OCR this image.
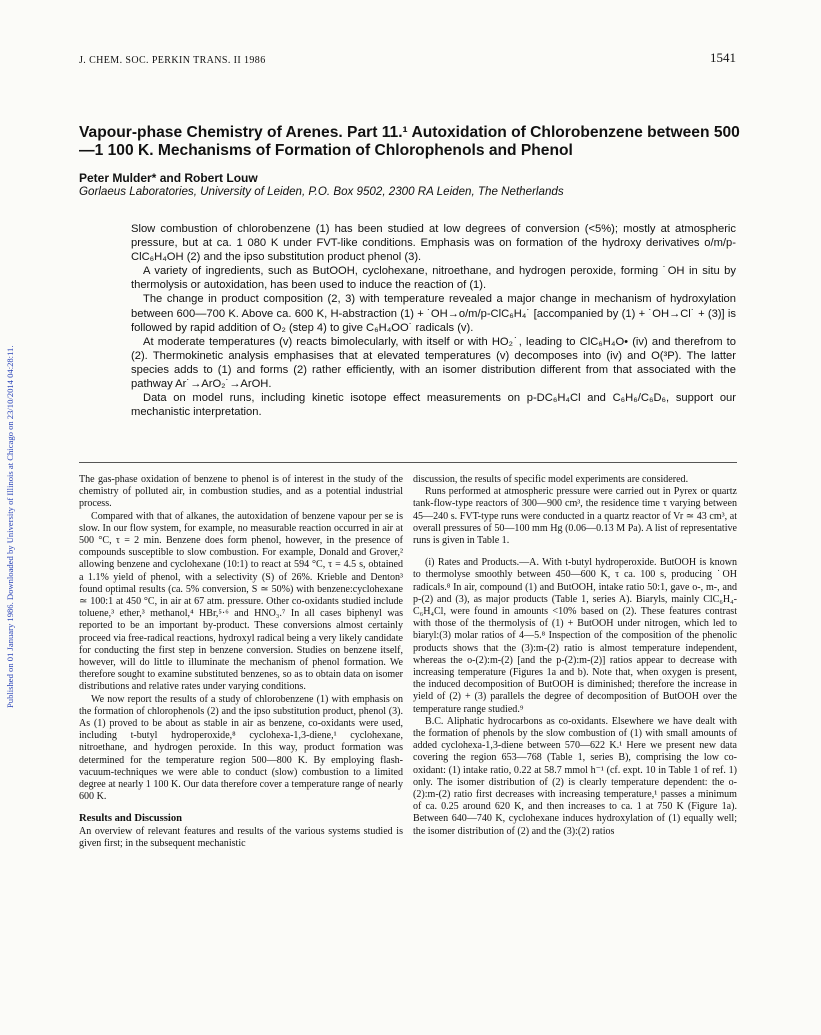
Published on 01 January 1986. Downloaded by University of Illinois at Chicago on 23/10/2014 04:28:11.
J. CHEM. SOC. PERKIN TRANS. II 1986	1541
Vapour-phase Chemistry of Arenes. Part 11.¹ Autoxidation of Chlorobenzene between 500—1 100 K. Mechanisms of Formation of Chlorophenols and Phenol
Peter Mulder* and Robert Louw
Gorlaeus Laboratories, University of Leiden, P.O. Box 9502, 2300 RA Leiden, The Netherlands

Slow combustion of chlorobenzene (1) has been studied at low degrees of conversion (<5%); mostly at atmospheric pressure, but at ca. 1 080 K under FVT-like conditions. Emphasis was on formation of the hydroxy derivatives o/m/p-ClC₆H₄OH (2) and the ipso substitution product phenol (3).

A variety of ingredients, such as ButOOH, cyclohexane, nitroethane, and hydrogen peroxide, forming ˙OH in situ by thermolysis or autoxidation, has been used to induce the reaction of (1).

The change in product composition (2, 3) with temperature revealed a major change in mechanism of hydroxylation between 600—700 K. Above ca. 600 K, H-abstraction (1) + ˙OH→o/m/p-ClC₆H₄˙ [accompanied by (1) + ˙OH→Cl˙ + (3)] is followed by rapid addition of O₂ (step 4) to give C₆H₄OO˙ radicals (v).

At moderate temperatures (v) reacts bimolecularly, with itself or with HO₂˙, leading to ClC₆H₄O• (iv) and therefrom to (2). Thermokinetic analysis emphasises that at elevated temperatures (v) decomposes into (iv) and O(³P). The latter species adds to (1) and forms (2) rather efficiently, with an isomer distribution different from that associated with the pathway Ar˙→ArO₂˙→ArOH.

Data on model runs, including kinetic isotope effect measurements on p-DC₆H₄Cl and C₆H₆/C₆D₆, support our mechanistic interpretation.

The gas-phase oxidation of benzene to phenol is of interest in the study of the chemistry of polluted air, in combustion studies, and as a potential industrial process.

Compared with that of alkanes, the autoxidation of benzene vapour per se is slow. In our flow system, for example, no measurable reaction occurred in air at 500 °C, τ = 2 min. Benzene does form phenol, however, in the presence of compounds susceptible to slow combustion. For example, Donald and Grover,² allowing benzene and cyclohexane (10:1) to react at 594 °C, τ = 4.5 s, obtained a 1.1% yield of phenol, with a selectivity (S) of 26%. Krieble and Denton³ found optimal results (ca. 5% conversion, S ≃ 50%) with benzene:cyclohexane ≃ 100:1 at 450 °C, in air at 67 atm. pressure. Other co-oxidants studied include toluene,³ ether,³ methanol,⁴ HBr,⁵·⁶ and HNO₃.⁷ In all cases biphenyl was reported to be an important by-product. These conversions almost certainly proceed via free-radical reactions, hydroxyl radical being a very likely candidate for conducting the first step in benzene conversion. Studies on benzene itself, however, will do little to illuminate the mechanism of phenol formation. We therefore sought to examine substituted benzenes, so as to obtain data on isomer distributions and relative rates under varying conditions.

We now report the results of a study of chlorobenzene (1) with emphasis on the formation of chlorophenols (2) and the ipso substitution product, phenol (3). As (1) proved to be about as stable in air as benzene, co-oxidants were used, including t-butyl hydroperoxide,⁸ cyclohexa-1,3-diene,¹ cyclohexane, nitroethane, and hydrogen peroxide. In this way, product formation was determined for the temperature region 500—800 K. By employing flash-vacuum-techniques we were able to conduct (slow) combustion to a limited degree at nearly 1 100 K. Our data therefore cover a temperature range of nearly 600 K.

Results and Discussion

An overview of relevant features and results of the various systems studied is given first; in the subsequent mechanistic

discussion, the results of specific model experiments are considered.

Runs performed at atmospheric pressure were carried out in Pyrex or quartz tank-flow-type reactors of 300—900 cm³, the residence time τ varying between 45—240 s. FVT-type runs were conducted in a quartz reactor of Vr ≃ 43 cm³, at overall pressures of 50—100 mm Hg (0.06—0.13 M Pa). A list of representative runs is given in Table 1.

(i) Rates and Products.—A. With t-butyl hydroperoxide. ButOOH is known to thermolyse smoothly between 450—600 K, τ ca. 100 s, producing ˙OH radicals.⁸ In air, compound (1) and ButOOH, intake ratio 50:1, gave o-, m-, and p-(2) and (3), as major products (Table 1, series A). Biaryls, mainly ClC₆H₄-C₆H₄Cl, were found in amounts <10% based on (2). These features contrast with those of the thermolysis of (1) + ButOOH under nitrogen, which led to biaryl:(3) molar ratios of 4—5.⁸ Inspection of the composition of the phenolic products shows that the (3):m-(2) ratio is almost temperature independent, whereas the o-(2):m-(2) [and the p-(2):m-(2)] ratios appear to decrease with increasing temperature (Figures 1a and b). Note that, when oxygen is present, the induced decomposition of ButOOH is diminished; therefore the increase in yield of (2) + (3) parallels the degree of decomposition of ButOOH over the temperature range studied.⁹

B.C. Aliphatic hydrocarbons as co-oxidants. Elsewhere we have dealt with the formation of phenols by the slow combustion of (1) with small amounts of added cyclohexa-1,3-diene between 570—622 K.¹ Here we present new data covering the region 653—768 (Table 1, series B), comprising the low co-oxidant: (1) intake ratio, 0.22 at 58.7 mmol h⁻¹ (cf. expt. 10 in Table 1 of ref. 1) only. The isomer distribution of (2) is clearly temperature dependent: the o-(2):m-(2) ratio first decreases with increasing temperature,¹ passes a minimum of ca. 0.25 around 620 K, and then increases to ca. 1 at 750 K (Figure 1a). Between 640—740 K, cyclohexane induces hydroxylation of (1) equally well; the isomer distribution of (2) and the (3):(2) ratios
